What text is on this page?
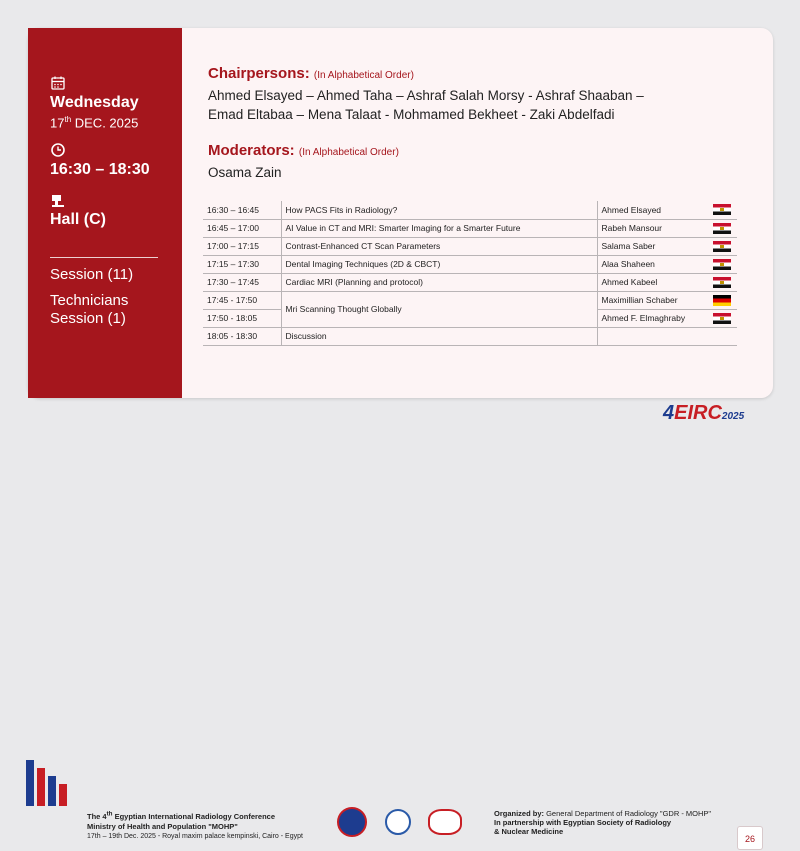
Wednesday
17th DEC. 2025
16:30 – 18:30
Hall (C)
Session (11)
Technicians Session (1)
Chairpersons: (In Alphabetical Order)
Ahmed Elsayed – Ahmed Taha – Ashraf Salah Morsy - Ashraf Shaaban –
Emad Eltabaa – Mena Talaat - Mohmamed Bekheet - Zaki Abdelfadi
Moderators: (In Alphabetical Order)
Osama Zain
16:30 – 16:45	How PACS Fits in Radiology?	Ahmed Elsayed	

16:45 – 17:00	AI Value in CT and MRI: Smarter Imaging for a Smarter Future	Rabeh Mansour	

17:00 – 17:15	Contrast-Enhanced CT Scan Parameters	Salama Saber	

17:15 – 17:30	Dental Imaging Techniques (2D & CBCT)	Alaa Shaheen	

17:30 – 17:45	Cardiac MRI (Planning and protocol)	Ahmed Kabeel	

17:45 - 17:50	Mri Scanning Thought Globally	Maximillian Schaber	

17:50 - 18:05		Ahmed F. Elmaghraby	

18:05 - 18:30	Discussion		
4EIRC2025
The 4th Egyptian International Radiology Conference
Ministry of Health and Population "MOHP"
17th – 19th Dec. 2025 - Royal maxim palace kempinski, Cairo - Egypt
Organized by: General Department of Radiology "GDR - MOHP"
In partnership with Egyptian Society of Radiology
& Nuclear Medicine
26
